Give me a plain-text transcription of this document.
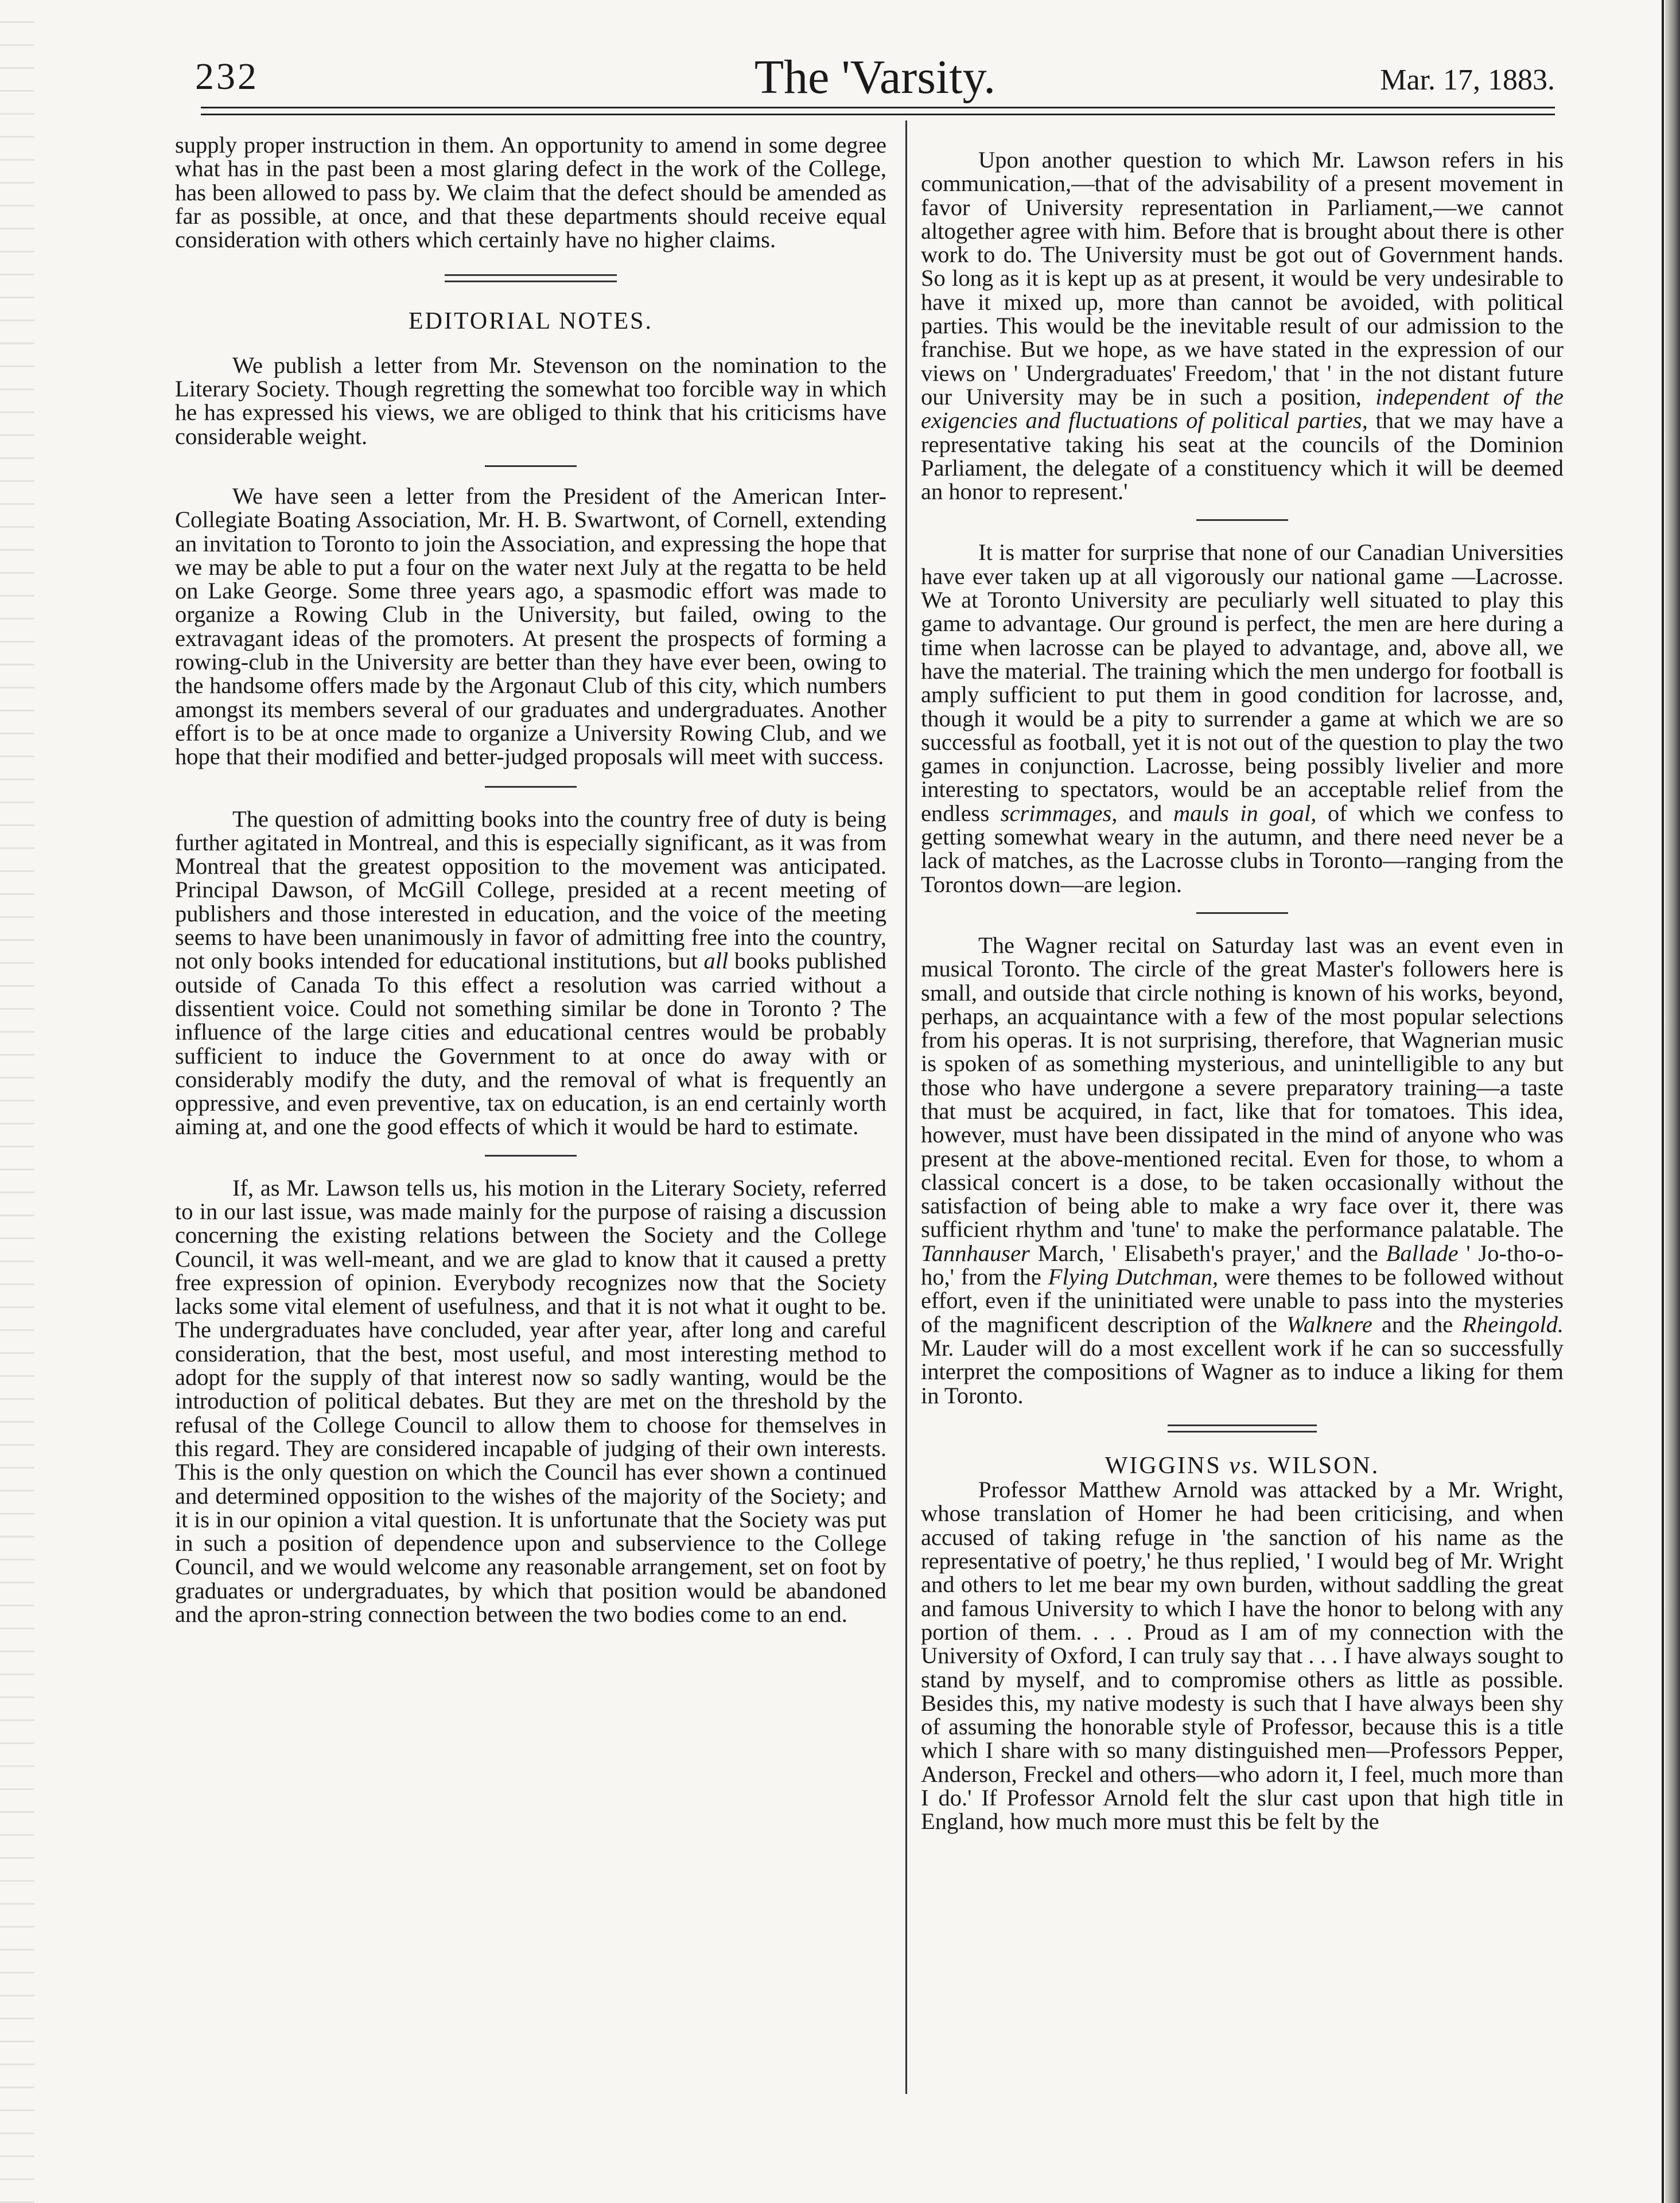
The 'Varsity.
232	Mar. 17, 1883.

supply proper instruction in them. An opportunity to amend in some degree what has in the past been a most glaring defect in the work of the College, has been allowed to pass by. We claim that the defect should be amended as far as possible, at once, and that these departments should receive equal consideration with others which certainly have no higher claims.

EDITORIAL NOTES.

We publish a letter from Mr. Stevenson on the nomination to the Literary Society. Though regretting the somewhat too forcible way in which he has expressed his views, we are obliged to think that his criticisms have considerable weight.

We have seen a letter from the President of the American Inter-Collegiate Boating Association, Mr. H. B. Swartwont, of Cornell, extending an invitation to Toronto to join the Association, and expressing the hope that we may be able to put a four on the water next July at the regatta to be held on Lake George. Some three years ago, a spasmodic effort was made to organize a Rowing Club in the University, but failed, owing to the extravagant ideas of the promoters. At present the prospects of forming a rowing-club in the University are better than they have ever been, owing to the handsome offers made by the Argonaut Club of this city, which numbers amongst its members several of our graduates and undergraduates. Another effort is to be at once made to organize a University Rowing Club, and we hope that their modified and better-judged proposals will meet with success.

The question of admitting books into the country free of duty is being further agitated in Montreal, and this is especially significant, as it was from Montreal that the greatest opposition to the movement was anticipated. Principal Dawson, of McGill College, presided at a recent meeting of publishers and those interested in education, and the voice of the meeting seems to have been unanimously in favor of admitting free into the country, not only books intended for educational institutions, but all books published outside of Canada To this effect a resolution was carried without a dissentient voice. Could not something similar be done in Toronto ? The influence of the large cities and educational centres would be probably sufficient to induce the Government to at once do away with or considerably modify the duty, and the removal of what is frequently an oppressive, and even preventive, tax on education, is an end certainly worth aiming at, and one the good effects of which it would be hard to estimate.

If, as Mr. Lawson tells us, his motion in the Literary Society, referred to in our last issue, was made mainly for the purpose of raising a discussion concerning the existing relations between the Society and the College Council, it was well-meant, and we are glad to know that it caused a pretty free expression of opinion. Everybody recognizes now that the Society lacks some vital element of usefulness, and that it is not what it ought to be. The undergraduates have concluded, year after year, after long and careful consideration, that the best, most useful, and most interesting method to adopt for the supply of that interest now so sadly wanting, would be the introduction of political debates. But they are met on the threshold by the refusal of the College Council to allow them to choose for themselves in this regard. They are considered incapable of judging of their own interests. This is the only question on which the Council has ever shown a continued and determined opposition to the wishes of the majority of the Society; and it is in our opinion a vital question. It is unfortunate that the Society was put in such a position of dependence upon and subservience to the College Council, and we would welcome any reasonable arrangement, set on foot by graduates or undergraduates, by which that position would be abandoned and the apron-string connection between the two bodies come to an end.

Upon another question to which Mr. Lawson refers in his communication,—that of the advisability of a present movement in favor of University representation in Parliament,—we cannot altogether agree with him. Before that is brought about there is other work to do. The University must be got out of Government hands. So long as it is kept up as at present, it would be very undesirable to have it mixed up, more than cannot be avoided, with political parties. This would be the inevitable result of our admission to the franchise. But we hope, as we have stated in the expression of our views on ' Undergraduates' Freedom,' that ' in the not distant future our University may be in such a position, independent of the exigencies and fluctuations of political parties, that we may have a representative taking his seat at the councils of the Dominion Parliament, the delegate of a constituency which it will be deemed an honor to represent.'

It is matter for surprise that none of our Canadian Universities have ever taken up at all vigorously our national game —Lacrosse. We at Toronto University are peculiarly well situated to play this game to advantage. Our ground is perfect, the men are here during a time when lacrosse can be played to advantage, and, above all, we have the material. The training which the men undergo for football is amply sufficient to put them in good condition for lacrosse, and, though it would be a pity to surrender a game at which we are so successful as football, yet it is not out of the question to play the two games in conjunction. Lacrosse, being possibly livelier and more interesting to spectators, would be an acceptable relief from the endless scrimmages, and mauls in goal, of which we confess to getting somewhat weary in the autumn, and there need never be a lack of matches, as the Lacrosse clubs in Toronto—ranging from the Torontos down—are legion.

The Wagner recital on Saturday last was an event even in musical Toronto. The circle of the great Master's followers here is small, and outside that circle nothing is known of his works, beyond, perhaps, an acquaintance with a few of the most popular selections from his operas. It is not surprising, therefore, that Wagnerian music is spoken of as something mysterious, and unintelligible to any but those who have undergone a severe preparatory training—a taste that must be acquired, in fact, like that for tomatoes. This idea, however, must have been dissipated in the mind of anyone who was present at the above-mentioned recital. Even for those, to whom a classical concert is a dose, to be taken occasionally without the satisfaction of being able to make a wry face over it, there was sufficient rhythm and 'tune' to make the performance palatable. The Tannhauser March, ' Elisabeth's prayer,' and the Ballade ' Jo-tho-o-ho,' from the Flying Dutchman, were themes to be followed without effort, even if the uninitiated were unable to pass into the mysteries of the magnificent description of the Walknere and the Rheingold. Mr. Lauder will do a most excellent work if he can so successfully interpret the compositions of Wagner as to induce a liking for them in Toronto.

WIGGINS vs. WILSON.

Professor Matthew Arnold was attacked by a Mr. Wright, whose translation of Homer he had been criticising, and when accused of taking refuge in 'the sanction of his name as the representative of poetry,' he thus replied, ' I would beg of Mr. Wright and others to let me bear my own burden, without saddling the great and famous University to which I have the honor to belong with any portion of them. . . . Proud as I am of my connection with the University of Oxford, I can truly say that . . . I have always sought to stand by myself, and to compromise others as little as possible. Besides this, my native modesty is such that I have always been shy of assuming the honorable style of Professor, because this is a title which I share with so many distinguished men—Professors Pepper, Anderson, Freckel and others—who adorn it, I feel, much more than I do.' If Professor Arnold felt the slur cast upon that high title in England, how much more must this be felt by the
